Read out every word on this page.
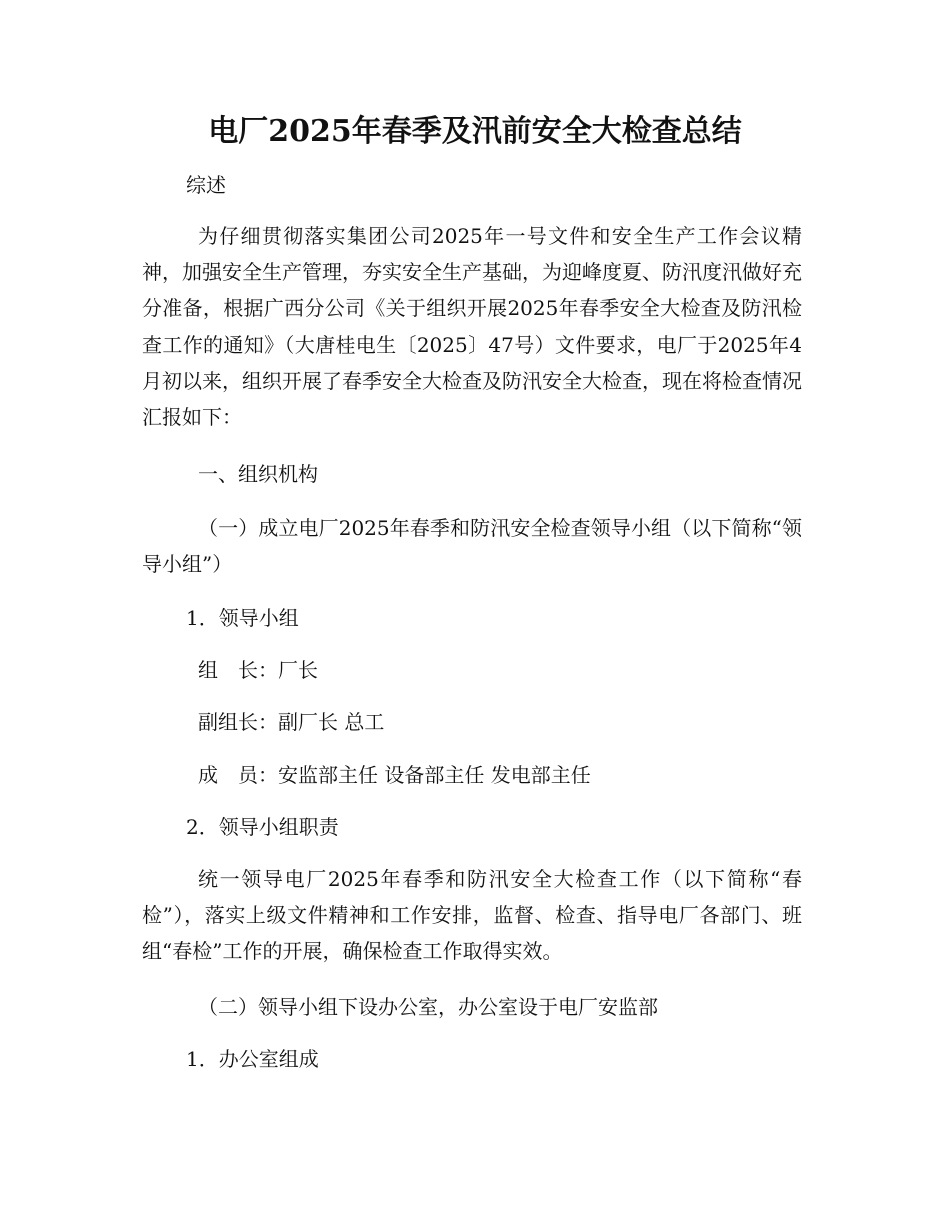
电厂2025年春季及汛前安全大检查总结
综述
为仔细贯彻落实集团公司2025年一号文件和安全生产工作会议精神，加强安全生产管理，夯实安全生产基础，为迎峰度夏、防汛度汛做好充分准备，根据广西分公司《关于组织开展2025年春季安全大检查及防汛检查工作的通知》（大唐桂电生〔2025〕47号）文件要求，电厂于2025年4月初以来，组织开展了春季安全大检查及防汛安全大检查，现在将检查情况汇报如下：
一、组织机构
（一）成立电厂2025年春季和防汛安全检查领导小组（以下简称“领导小组”）
1．领导小组
组　长：厂长
副组长：副厂长 总工
成　员：安监部主任 设备部主任 发电部主任
2．领导小组职责
统一领导电厂2025年春季和防汛安全大检查工作（以下简称“春检”），落实上级文件精神和工作安排，监督、检查、指导电厂各部门、班组“春检”工作的开展，确保检查工作取得实效。
（二）领导小组下设办公室，办公室设于电厂安监部
1．办公室组成
